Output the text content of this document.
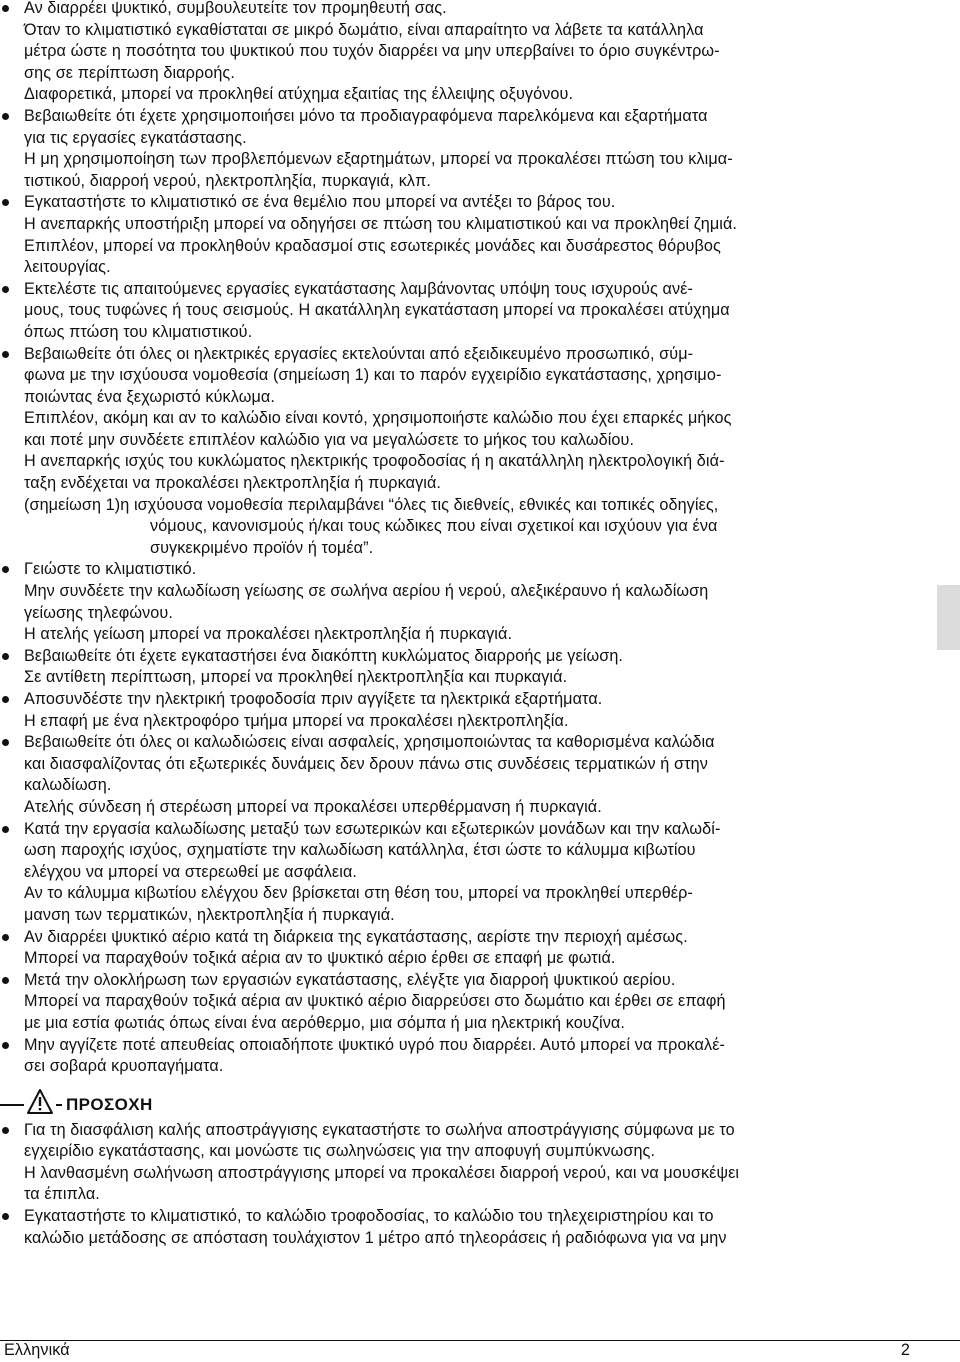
Αν διαρρέει ψυκτικό, συμβουλευτείτε τον προμηθευτή σας.
Όταν το κλιματιστικό εγκαθίσταται σε μικρό δωμάτιο, είναι απαραίτητο να λάβετε τα κατάλληλα
μέτρα ώστε η ποσότητα του ψυκτικού που τυχόν διαρρέει να μην υπερβαίνει το όριο συγκέντρω-
σης σε περίπτωση διαρροής.
Διαφορετικά, μπορεί να προκληθεί ατύχημα εξαιτίας της έλλειψης οξυγόνου.
Βεβαιωθείτε ότι έχετε χρησιμοποιήσει μόνο τα προδιαγραφόμενα παρελκόμενα και εξαρτήματα
για τις εργασίες εγκατάστασης.
Η μη χρησιμοποίηση των προβλεπόμενων εξαρτημάτων, μπορεί να προκαλέσει πτώση του κλιμα-
τιστικού, διαρροή νερού, ηλεκτροπληξία, πυρκαγιά, κλπ.
Εγκαταστήστε το κλιματιστικό σε ένα θεμέλιο που μπορεί να αντέξει το βάρος του.
Η ανεπαρκής υποστήριξη μπορεί να οδηγήσει σε πτώση του κλιματιστικού και να προκληθεί ζημιά.
Επιπλέον, μπορεί να προκληθούν κραδασμοί στις εσωτερικές μονάδες και δυσάρεστος θόρυβος
λειτουργίας.
Εκτελέστε τις απαιτούμενες εργασίες εγκατάστασης λαμβάνοντας υπόψη τους ισχυρούς ανέ-
μους, τους τυφώνες ή τους σεισμούς. Η ακατάλληλη εγκατάσταση μπορεί να προκαλέσει ατύχημα
όπως πτώση του κλιματιστικού.
Βεβαιωθείτε ότι όλες οι ηλεκτρικές εργασίες εκτελούνται από εξειδικευμένο προσωπικό, σύμ-
φωνα με την ισχύουσα νομοθεσία (σημείωση 1) και το παρόν εγχειρίδιο εγκατάστασης, χρησιμο-
ποιώντας ένα ξεχωριστό κύκλωμα.
Επιπλέον, ακόμη και αν το καλώδιο είναι κοντό, χρησιμοποιήστε καλώδιο που έχει επαρκές μήκος
και ποτέ μην συνδέετε επιπλέον καλώδιο για να μεγαλώσετε το μήκος του καλωδίου.
Η ανεπαρκής ισχύς του κυκλώματος ηλεκτρικής τροφοδοσίας ή η ακατάλληλη ηλεκτρολογική διά-
ταξη ενδέχεται να προκαλέσει ηλεκτροπληξία ή πυρκαγιά.
(σημείωση 1)η ισχύουσα νομοθεσία περιλαμβάνει “όλες τις διεθνείς, εθνικές και τοπικές οδηγίες,
νόμους, κανονισμούς ή/και τους κώδικες που είναι σχετικοί και ισχύουν για ένα
συγκεκριμένο προϊόν ή τομέα”.
Γειώστε το κλιματιστικό.
Μην συνδέετε την καλωδίωση γείωσης σε σωλήνα αερίου ή νερού, αλεξικέραυνο ή καλωδίωση
γείωσης τηλεφώνου.
Η ατελής γείωση μπορεί να προκαλέσει ηλεκτροπληξία ή πυρκαγιά.
Βεβαιωθείτε ότι έχετε εγκαταστήσει ένα διακόπτη κυκλώματος διαρροής με γείωση.
Σε αντίθετη περίπτωση, μπορεί να προκληθεί ηλεκτροπληξία και πυρκαγιά.
Αποσυνδέστε την ηλεκτρική τροφοδοσία πριν αγγίξετε τα ηλεκτρικά εξαρτήματα.
Η επαφή με ένα ηλεκτροφόρο τμήμα μπορεί να προκαλέσει ηλεκτροπληξία.
Βεβαιωθείτε ότι όλες οι καλωδιώσεις είναι ασφαλείς, χρησιμοποιώντας τα καθορισμένα καλώδια
και διασφαλίζοντας ότι εξωτερικές δυνάμεις δεν δρουν πάνω στις συνδέσεις τερματικών ή στην
καλωδίωση.
Ατελής σύνδεση ή στερέωση μπορεί να προκαλέσει υπερθέρμανση ή πυρκαγιά.
Κατά την εργασία καλωδίωσης μεταξύ των εσωτερικών και εξωτερικών μονάδων και την καλωδί-
ωση παροχής ισχύος, σχηματίστε την καλωδίωση κατάλληλα, έτσι ώστε το κάλυμμα κιβωτίου
ελέγχου να μπορεί να στερεωθεί με ασφάλεια.
Αν το κάλυμμα κιβωτίου ελέγχου δεν βρίσκεται στη θέση του, μπορεί να προκληθεί υπερθέρ-
μανση των τερματικών, ηλεκτροπληξία ή πυρκαγιά.
Αν διαρρέει ψυκτικό αέριο κατά τη διάρκεια της εγκατάστασης, αερίστε την περιοχή αμέσως.
Μπορεί να παραχθούν τοξικά αέρια αν το ψυκτικό αέριο έρθει σε επαφή με φωτιά.
Μετά την ολοκλήρωση των εργασιών εγκατάστασης, ελέγξτε για διαρροή ψυκτικού αερίου.
Μπορεί να παραχθούν τοξικά αέρια αν ψυκτικό αέριο διαρρεύσει στο δωμάτιο και έρθει σε επαφή
με μια εστία φωτιάς όπως είναι ένα αερόθερμο, μια σόμπα ή μια ηλεκτρική κουζίνα.
Μην αγγίζετε ποτέ απευθείας οποιαδήποτε ψυκτικό υγρό που διαρρέει. Αυτό μπορεί να προκαλέ-
σει σοβαρά κρυοπαγήματα.
ΠΡΟΣΟΧΗ
Για τη διασφάλιση καλής αποστράγγισης εγκαταστήστε το σωλήνα αποστράγγισης σύμφωνα με το
εγχειρίδιο εγκατάστασης, και μονώστε τις σωληνώσεις για την αποφυγή συμπύκνωσης.
Η λανθασμένη σωλήνωση αποστράγγισης μπορεί να προκαλέσει διαρροή νερού, και να μουσκέψει
τα έπιπλα.
Εγκαταστήστε το κλιματιστικό, το καλώδιο τροφοδοσίας, το καλώδιο του τηλεχειριστηρίου και το
καλώδιο μετάδοσης σε απόσταση τουλάχιστον 1 μέτρο από τηλεοράσεις ή ραδιόφωνα για να μην
Ελληνικά	2
